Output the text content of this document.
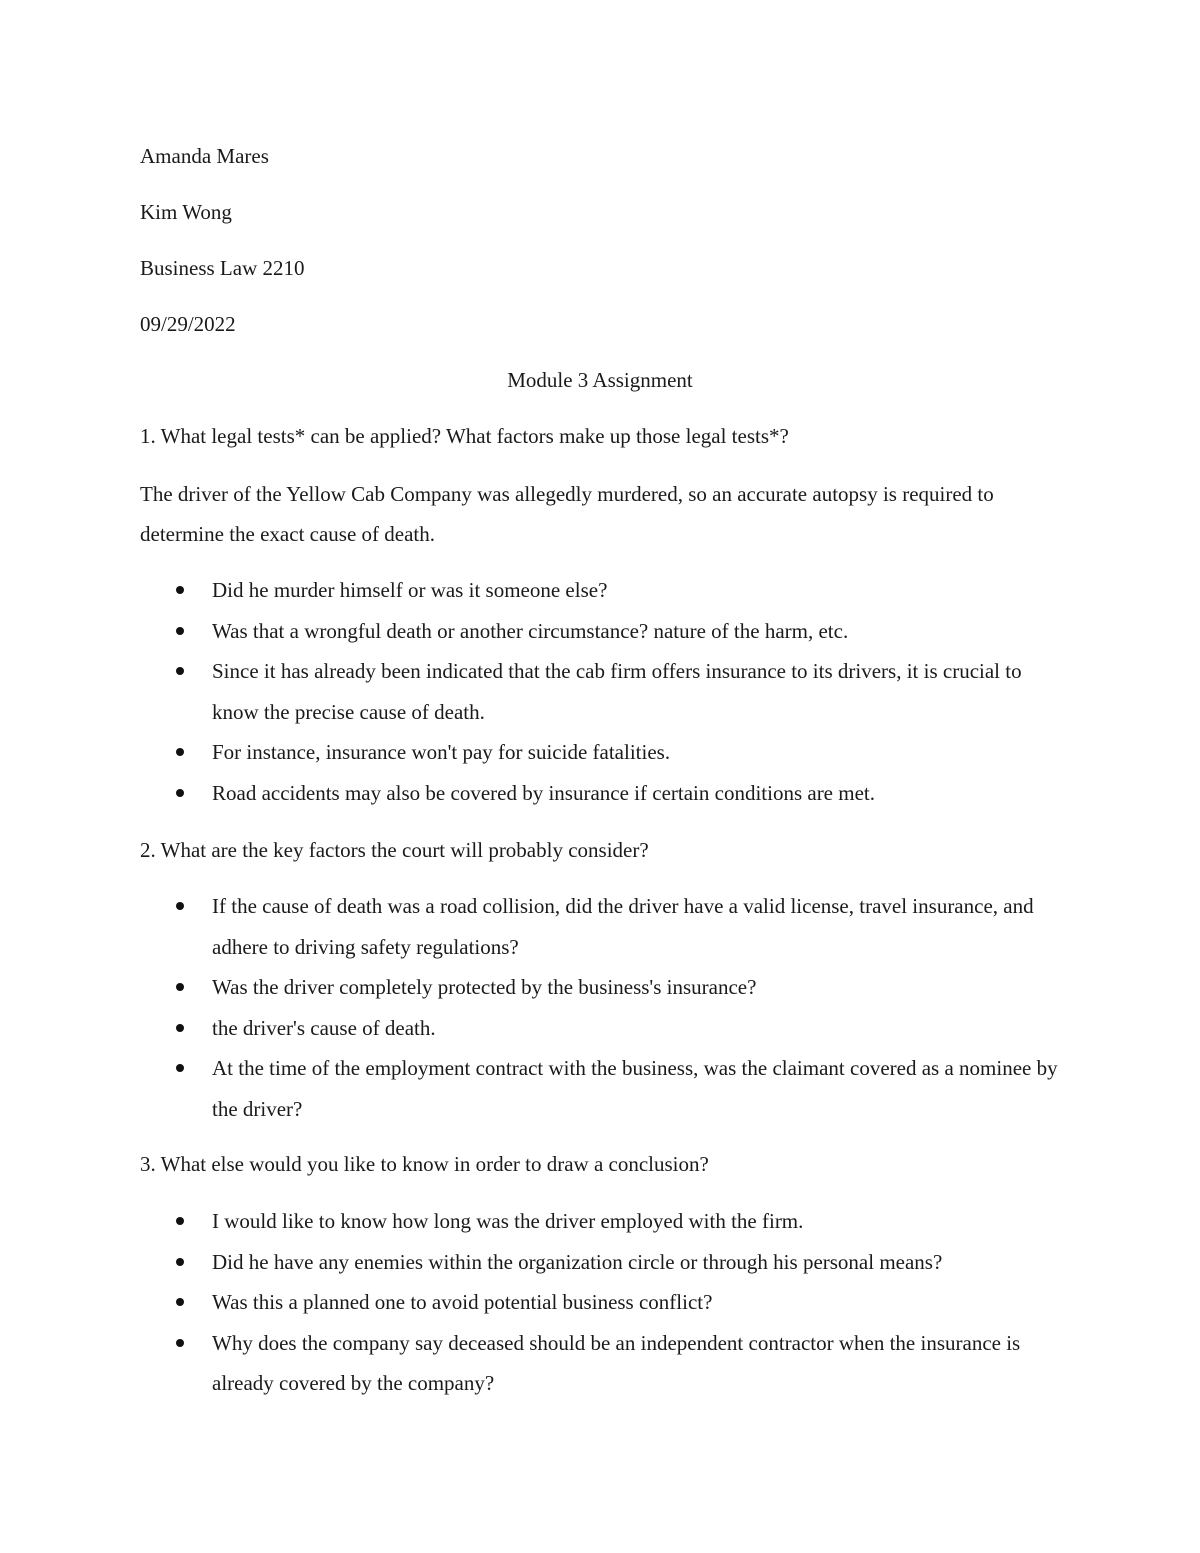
Amanda Mares
Kim Wong
Business Law 2210
09/29/2022
Module 3 Assignment
1. What legal tests* can be applied? What factors make up those legal tests*?
The driver of the Yellow Cab Company was allegedly murdered, so an accurate autopsy is required to determine the exact cause of death.
Did he murder himself or was it someone else?
Was that a wrongful death or another circumstance? nature of the harm, etc.
Since it has already been indicated that the cab firm offers insurance to its drivers, it is crucial to know the precise cause of death.
For instance, insurance won't pay for suicide fatalities.
Road accidents may also be covered by insurance if certain conditions are met.
2. What are the key factors the court will probably consider?
If the cause of death was a road collision, did the driver have a valid license, travel insurance, and adhere to driving safety regulations?
Was the driver completely protected by the business's insurance?
the driver's cause of death.
At the time of the employment contract with the business, was the claimant covered as a nominee by the driver?
3. What else would you like to know in order to draw a conclusion?
I would like to know how long was the driver employed with the firm.
Did he have any enemies within the organization circle or through his personal means?
Was this a planned one to avoid potential business conflict?
Why does the company say deceased should be an independent contractor when the insurance is already covered by the company?
